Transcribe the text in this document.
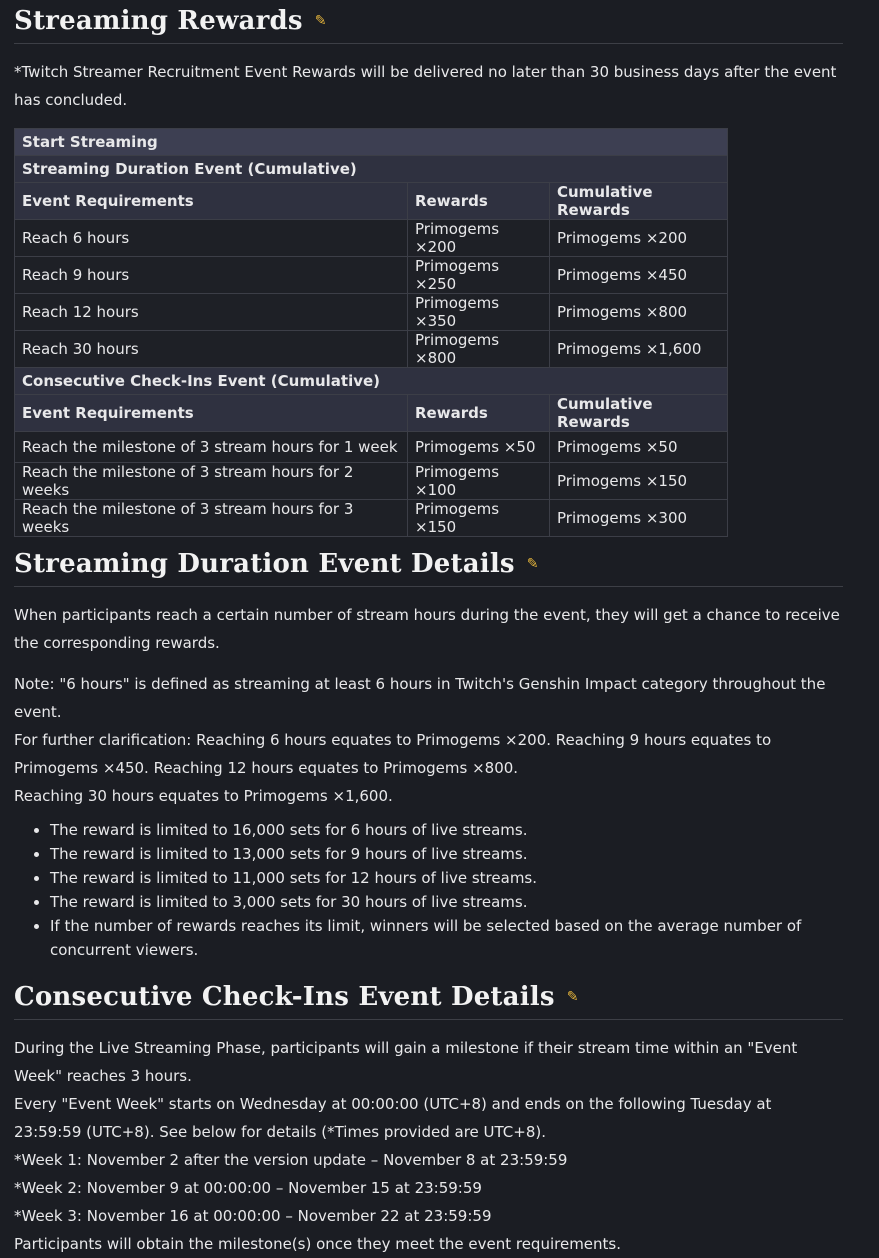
Streaming Rewards ✎

*Twitch Streamer Recruitment Event Rewards will be delivered no later than 30 business days after the event has concluded.

Start Streaming		
Streaming Duration Event (Cumulative)		
Event Requirements	Rewards	Cumulative Rewards
Reach 6 hours	Primogems ×200	Primogems ×200
Reach 9 hours	Primogems ×250	Primogems ×450
Reach 12 hours	Primogems ×350	Primogems ×800
Reach 30 hours	Primogems ×800	Primogems ×1,600
Consecutive Check-Ins Event (Cumulative)		
Event Requirements	Rewards	Cumulative Rewards
Reach the milestone of 3 stream hours for 1 week	Primogems ×50	Primogems ×50
Reach the milestone of 3 stream hours for 2 weeks	Primogems ×100	Primogems ×150
Reach the milestone of 3 stream hours for 3 weeks	Primogems ×150	Primogems ×300
Streaming Duration Event Details ✎

When participants reach a certain number of stream hours during the event, they will get a chance to receive the corresponding rewards.

Note: "6 hours" is defined as streaming at least 6 hours in Twitch's Genshin Impact category throughout the event.

For further clarification: Reaching 6 hours equates to Primogems ×200. Reaching 9 hours equates to Primogems ×450. Reaching 12 hours equates to Primogems ×800.

Reaching 30 hours equates to Primogems ×1,600.

• The reward is limited to 16,000 sets for 6 hours of live streams.
• The reward is limited to 13,000 sets for 9 hours of live streams.
• The reward is limited to 11,000 sets for 12 hours of live streams.
• The reward is limited to 3,000 sets for 30 hours of live streams.
• If the number of rewards reaches its limit, winners will be selected based on the average number of concurrent viewers.
Consecutive Check-Ins Event Details ✎

During the Live Streaming Phase, participants will gain a milestone if their stream time within an "Event Week" reaches 3 hours.

Every "Event Week" starts on Wednesday at 00:00:00 (UTC+8) and ends on the following Tuesday at 23:59:59 (UTC+8). See below for details (*Times provided are UTC+8).

*Week 1: November 2 after the version update – November 8 at 23:59:59

*Week 2: November 9 at 00:00:00 – November 15 at 23:59:59

*Week 3: November 16 at 00:00:00 – November 22 at 23:59:59

Participants will obtain the milestone(s) once they meet the event requirements.
